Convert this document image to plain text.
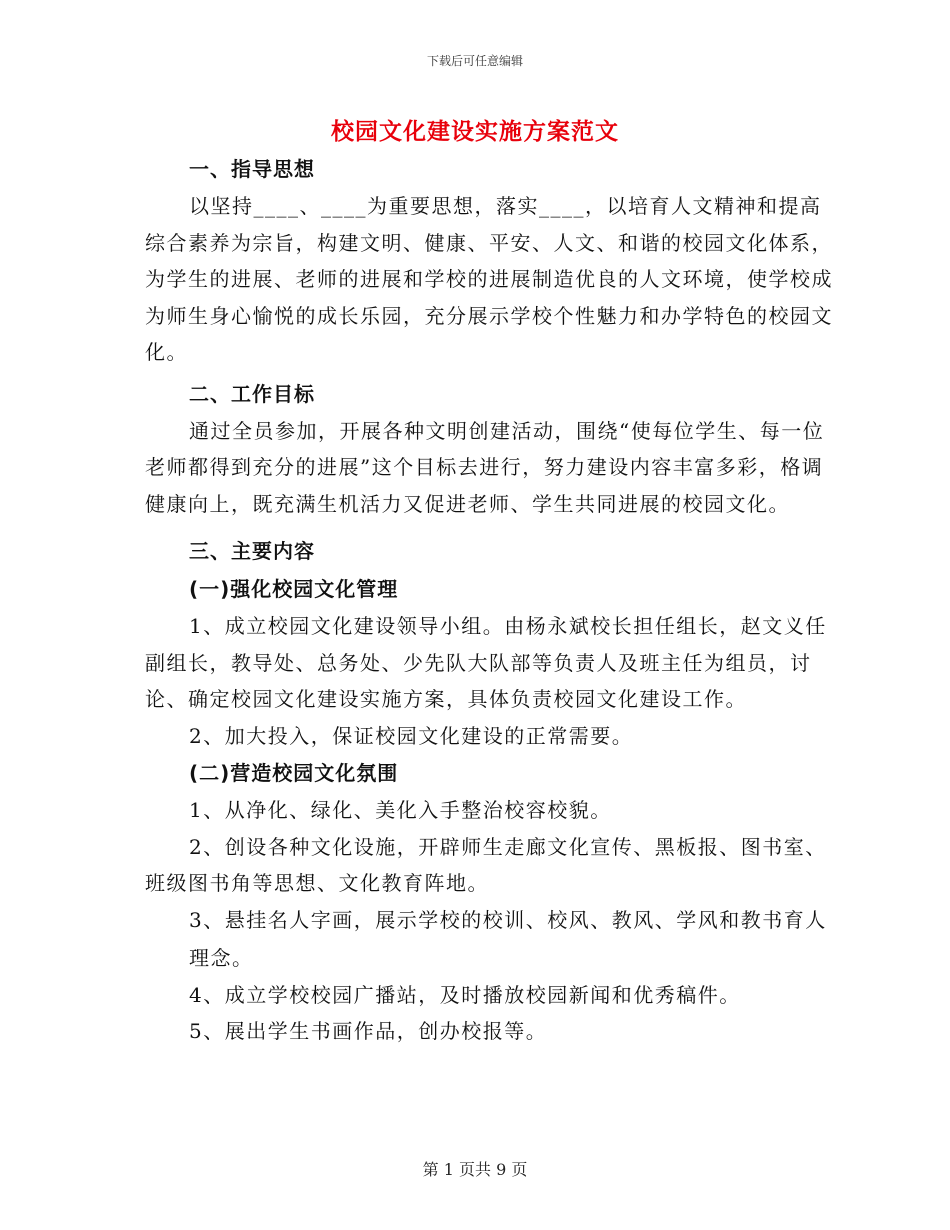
下载后可任意编辑
校园文化建设实施方案范文

一、指导思想

以坚持____、____为重要思想，落实____，以培育人文精神和提高综合素养为宗旨，构建文明、健康、平安、人文、和谐的校园文化体系，为学生的进展、老师的进展和学校的进展制造优良的人文环境，使学校成为师生身心愉悦的成长乐园，充分展示学校个性魅力和办学特色的校园文化。

二、工作目标

通过全员参加，开展各种文明创建活动，围绕“使每位学生、每一位老师都得到充分的进展”这个目标去进行，努力建设内容丰富多彩，格调健康向上，既充满生机活力又促进老师、学生共同进展的校园文化。

三、主要内容

(一)强化校园文化管理

1、成立校园文化建设领导小组。由杨永斌校长担任组长，赵文义任副组长，教导处、总务处、少先队大队部等负责人及班主任为组员，讨论、确定校园文化建设实施方案，具体负责校园文化建设工作。

2、加大投入，保证校园文化建设的正常需要。

(二)营造校园文化氛围

1、从净化、绿化、美化入手整治校容校貌。

2、创设各种文化设施，开辟师生走廊文化宣传、黑板报、图书室、班级图书角等思想、文化教育阵地。

3、悬挂名人字画，展示学校的校训、校风、教风、学风和教书育人

理念。

4、成立学校校园广播站，及时播放校园新闻和优秀稿件。

5、展出学生书画作品，创办校报等。

第 1 页共 9 页
